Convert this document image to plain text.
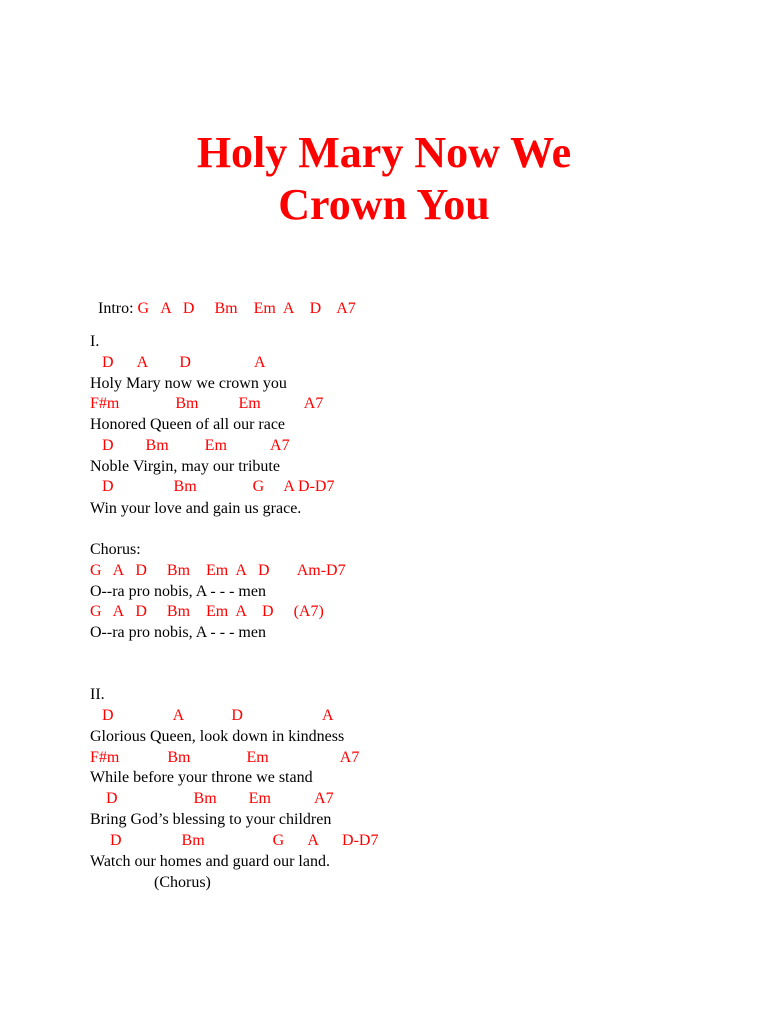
Holy Mary Now We
Crown You

Intro: G   A   D     Bm    Em  A    D    A7

I.
D      A        D                A
Holy Mary now we crown you
F#m              Bm          Em           A7
Honored Queen of all our race
D        Bm         Em           A7
Noble Virgin, may our tribute
D               Bm              G     A D-D7
Win your love and gain us grace.
Chorus:
G   A   D     Bm    Em  A   D       Am-D7
O--ra pro nobis, A - - - men
G   A   D     Bm    Em  A    D     (A7)
O--ra pro nobis, A - - - men
II.
D               A            D                    A
Glorious Queen, look down in kindness
F#m            Bm              Em                  A7
While before your throne we stand
D                   Bm        Em           A7
Bring God’s blessing to your children
D               Bm                 G      A      D-D7
Watch our homes and guard our land.
(Chorus)
